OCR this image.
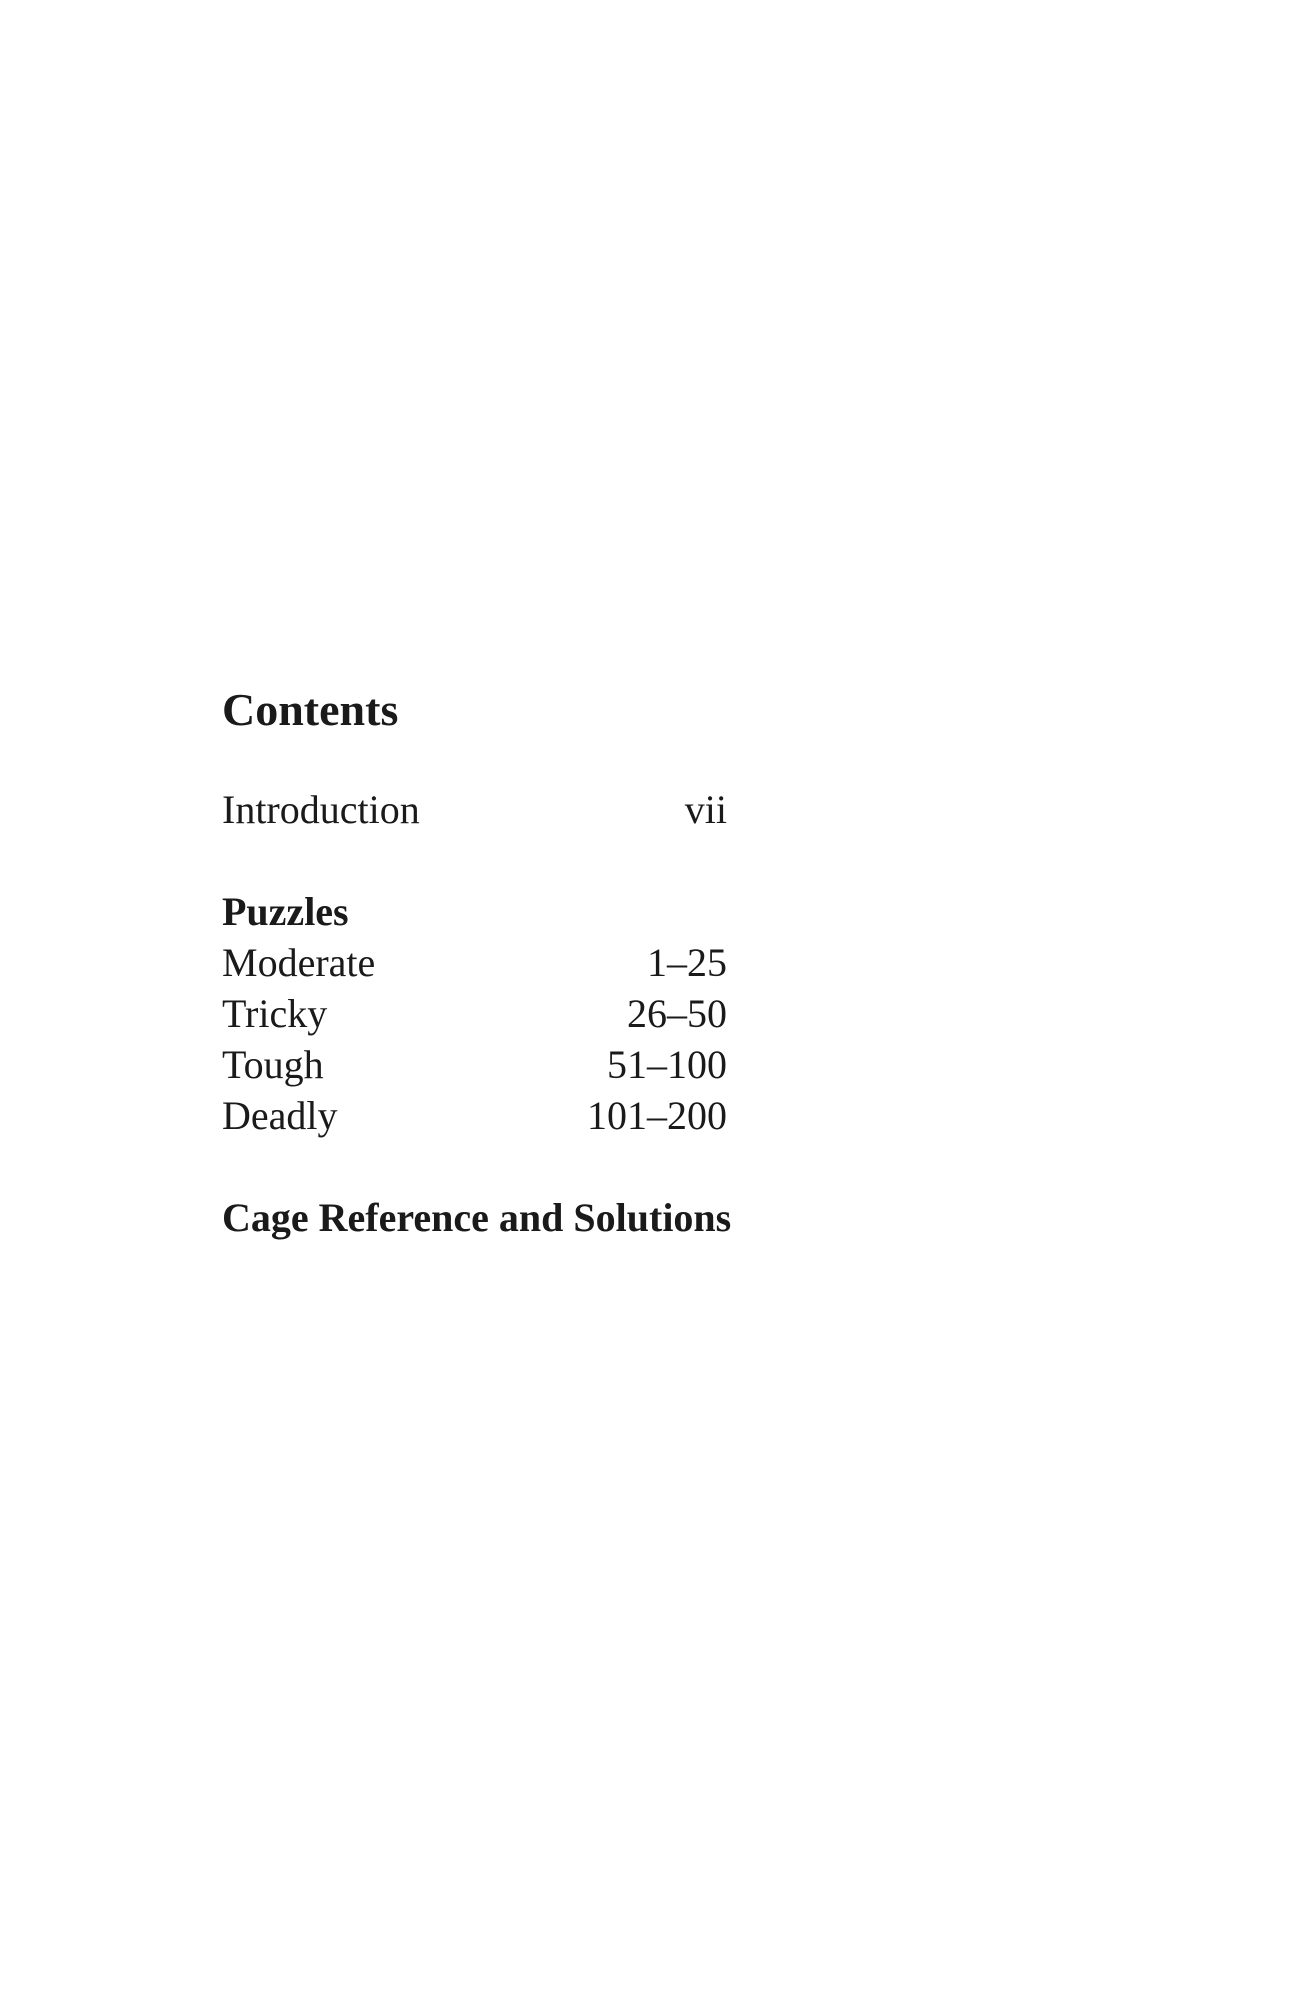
Contents
Introduction	vii
Puzzles
Moderate	1–25
Tricky	26–50
Tough	51–100
Deadly	101–200
Cage Reference and Solutions
